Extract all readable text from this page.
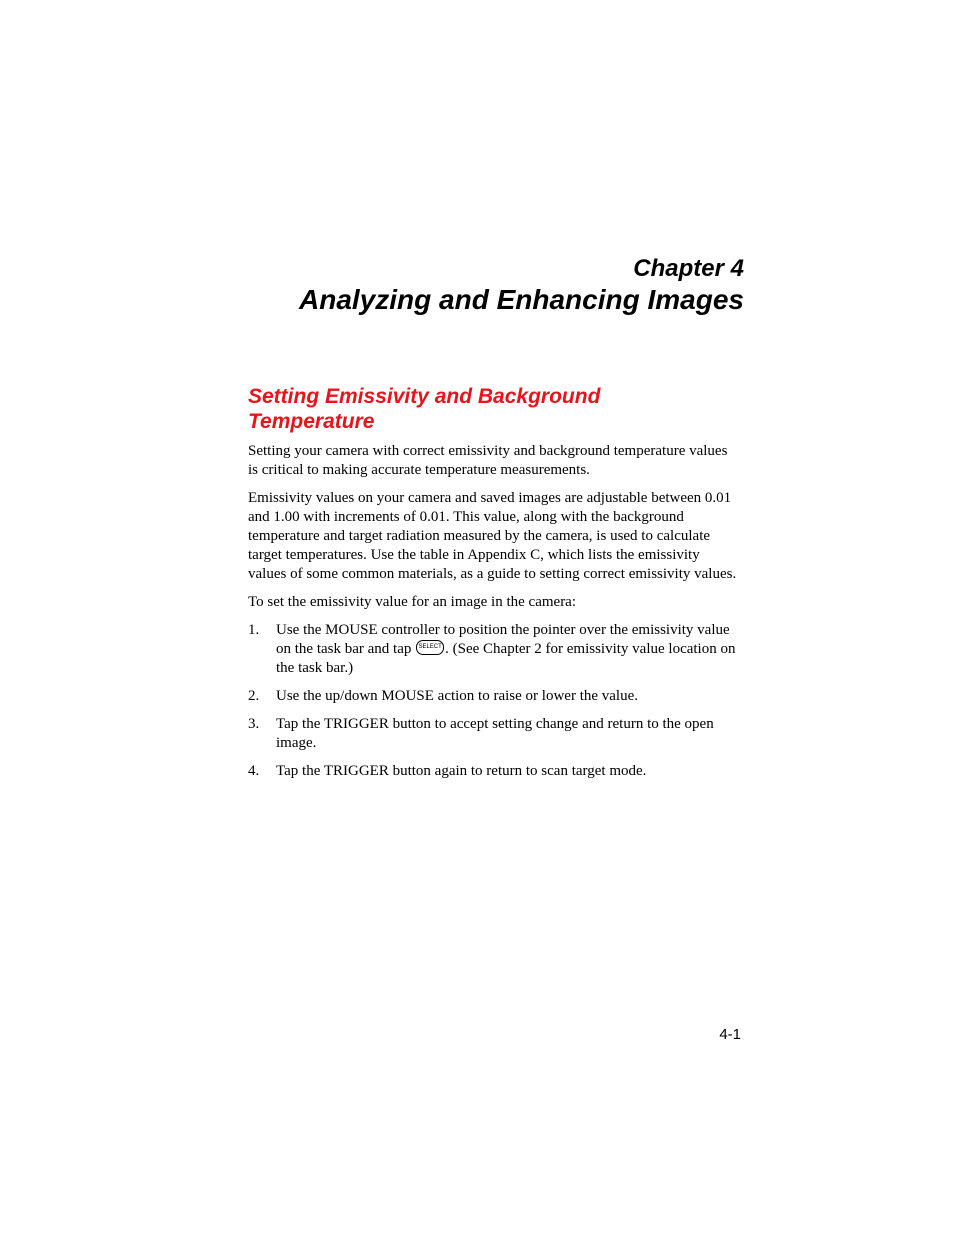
Chapter 4
Analyzing and Enhancing Images
Setting Emissivity and Background Temperature

Setting your camera with correct emissivity and background temperature values is critical to making accurate temperature measurements.

Emissivity values on your camera and saved images are adjustable between 0.01 and 1.00 with increments of 0.01. This value, along with the background temperature and target radiation measured by the camera, is used to calculate target temperatures. Use the table in Appendix C, which lists the emissivity values of some common materials, as a guide to setting correct emissivity values.

To set the emissivity value for an image in the camera:

1.	Use the MOUSE controller to position the pointer over the emissivity value on the task bar and tap SELECT . (See Chapter 2 for emissivity value location on the task bar.)
2.	Use the up/down MOUSE action to raise or lower the value.
3.	Tap the TRIGGER button to accept setting change and return to the open image.
4.	Tap the TRIGGER button again to return to scan target mode.

4-1
